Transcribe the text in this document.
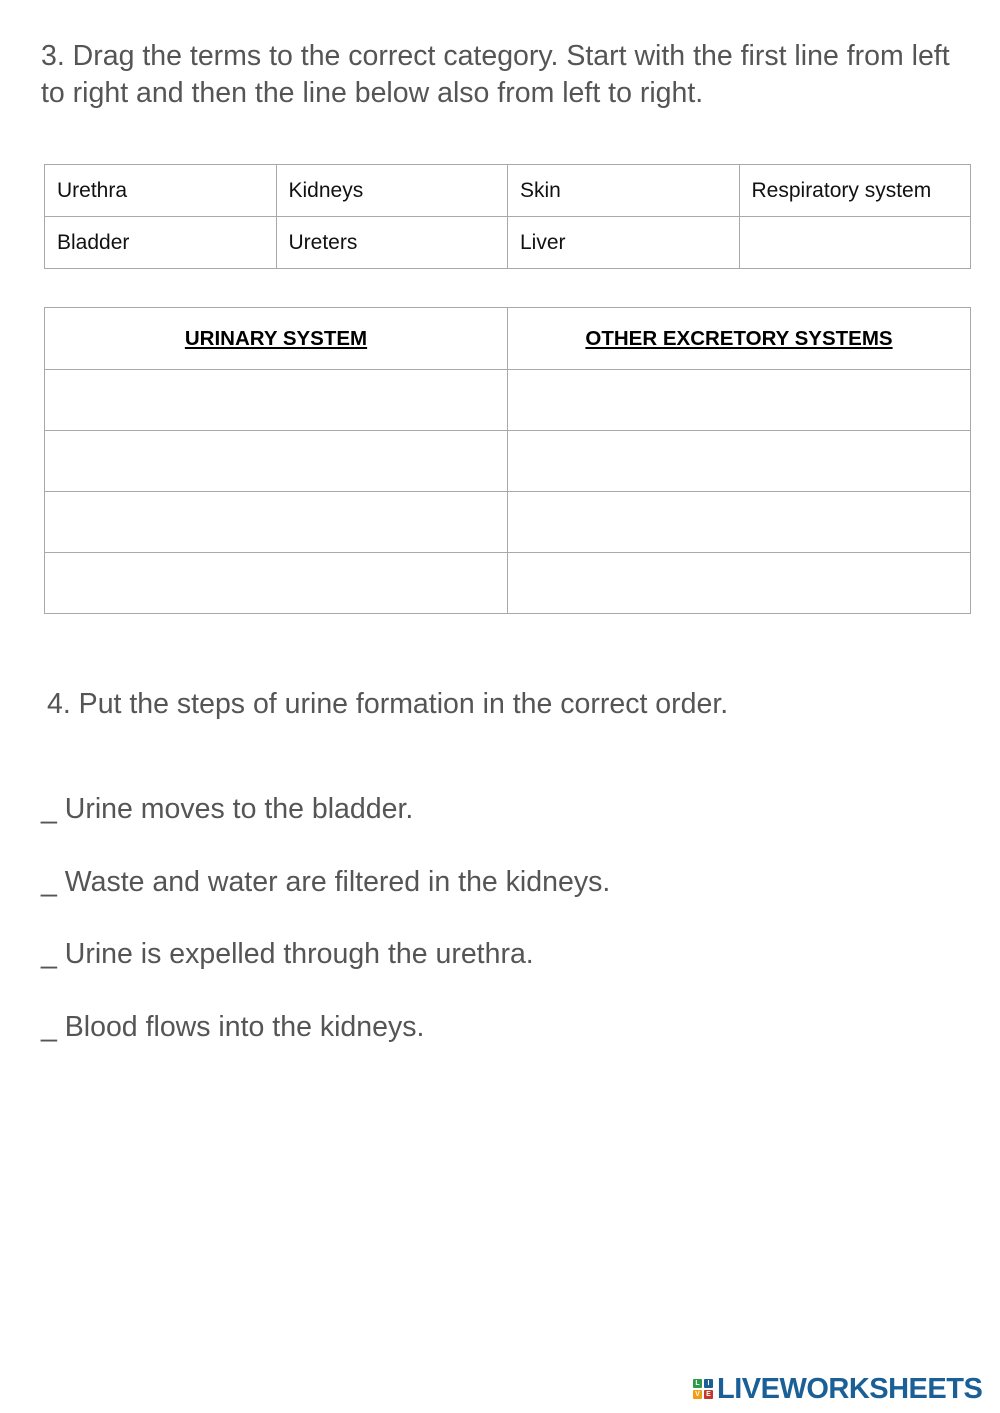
3. Drag the terms to the correct category. Start with the first line from left to right and then the line below also from left to right.
Urethra	Kidneys	Skin	Respiratory system
Bladder	Ureters	Liver	
URINARY SYSTEM	OTHER EXCRETORY SYSTEMS

4. Put the steps of urine formation in the correct order.
_ Urine moves to the bladder.
_ Waste and water are filtered in the kidneys.
_ Urine is expelled through the urethra.
_ Blood flows into the kidneys.
L	I
V E LIVEWORKSHEETS
